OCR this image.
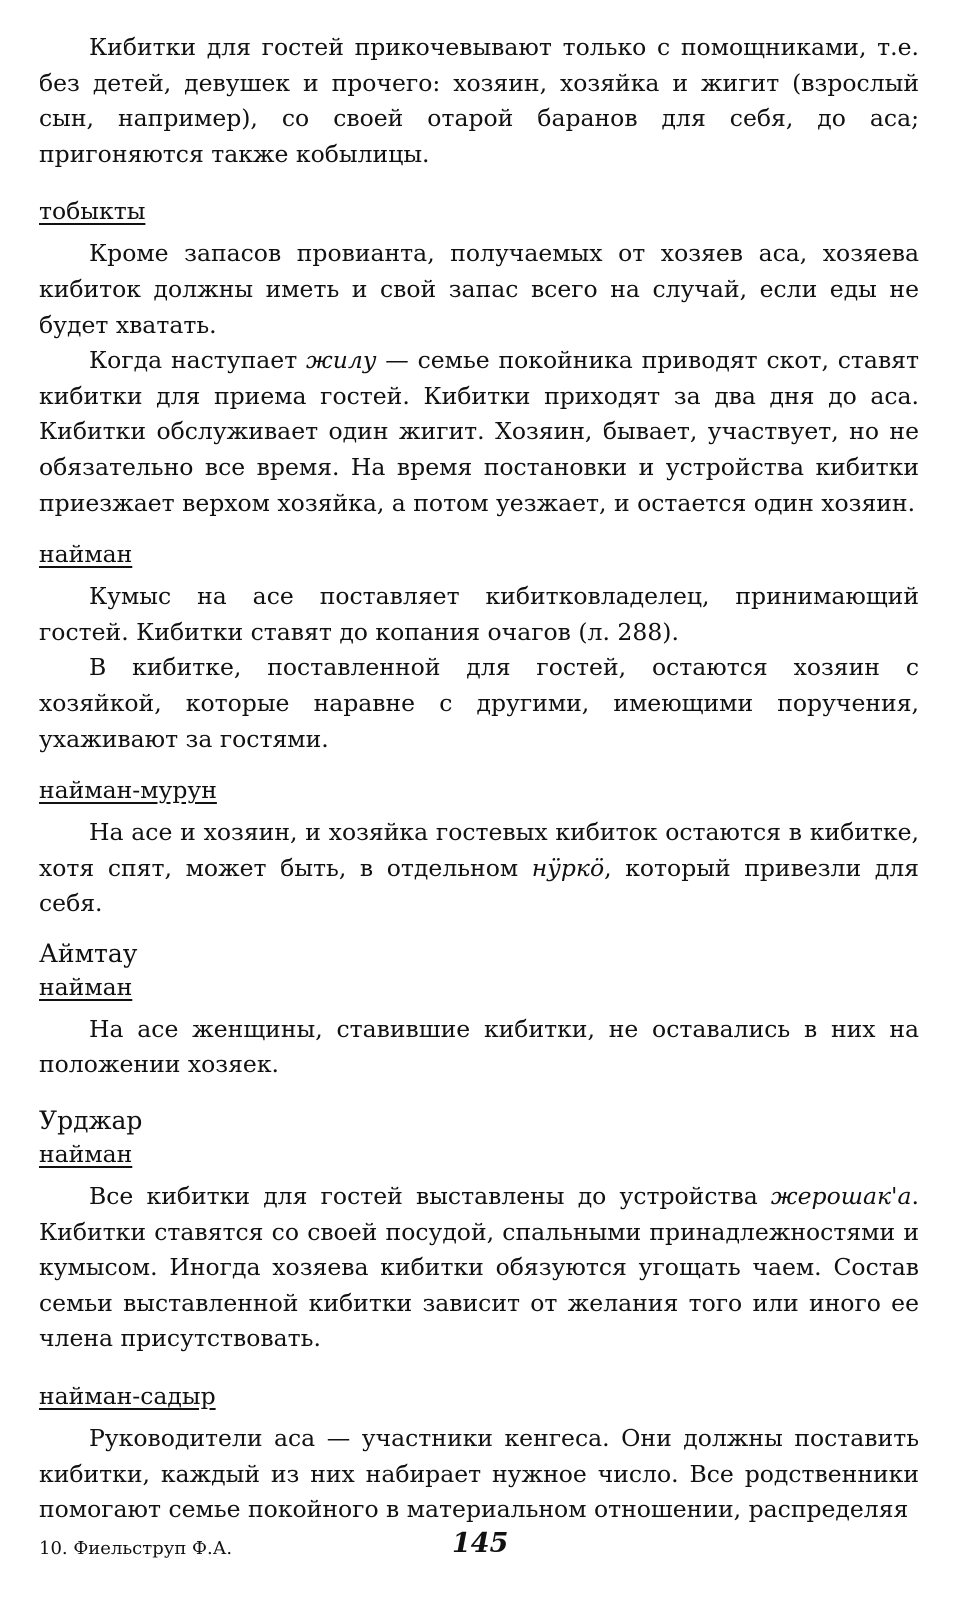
Кибитки для гостей прикочевывают только с помощниками, т.е. без детей, девушек и прочего: хозяин, хозяйка и жигит (взрослый сын, например), со своей отарой баранов для себя, до аса; пригоняются также кобылицы.

тобыкты

Кроме запасов провианта, получаемых от хозяев аса, хозяева кибиток должны иметь и свой запас всего на случай, если еды не будет хватать.

Когда наступает жилу — семье покойника приводят скот, ставят кибитки для приема гостей. Кибитки приходят за два дня до аса. Кибитки обслуживает один жигит. Хозяин, бывает, участвует, но не обязательно все время. На время постановки и устройства кибитки приезжает верхом хозяйка, а потом уезжает, и остается один хозяин.

найман

Кумыс на асе поставляет кибитковладелец, принимающий гостей. Кибитки ставят до копания очагов (л. 288).

В кибитке, поставленной для гостей, остаются хозяин с хозяйкой, которые наравне с другими, имеющими поручения, ухаживают за гостями.

найман-мурун

На асе и хозяин, и хозяйка гостевых кибиток остаются в кибитке, хотя спят, может быть, в отдельном нӱркӧ, который привезли для себя.

Аймтау
найман

На асе женщины, ставившие кибитки, не оставались в них на положении хозяек.

Урджар
найман

Все кибитки для гостей выставлены до устройства жерошак'а. Кибитки ставятся со своей посудой, спальными принадлежностями и кумысом. Иногда хозяева кибитки обязуются угощать чаем. Состав семьи выставленной кибитки зависит от желания того или иного ее члена присутствовать.

найман-садыр

Руководители аса — участники кенгеса. Они должны поставить кибитки, каждый из них набирает нужное число. Все родственники помогают семье покойного в материальном отношении, распределяя

10. Фиельструп Ф.А.	145
